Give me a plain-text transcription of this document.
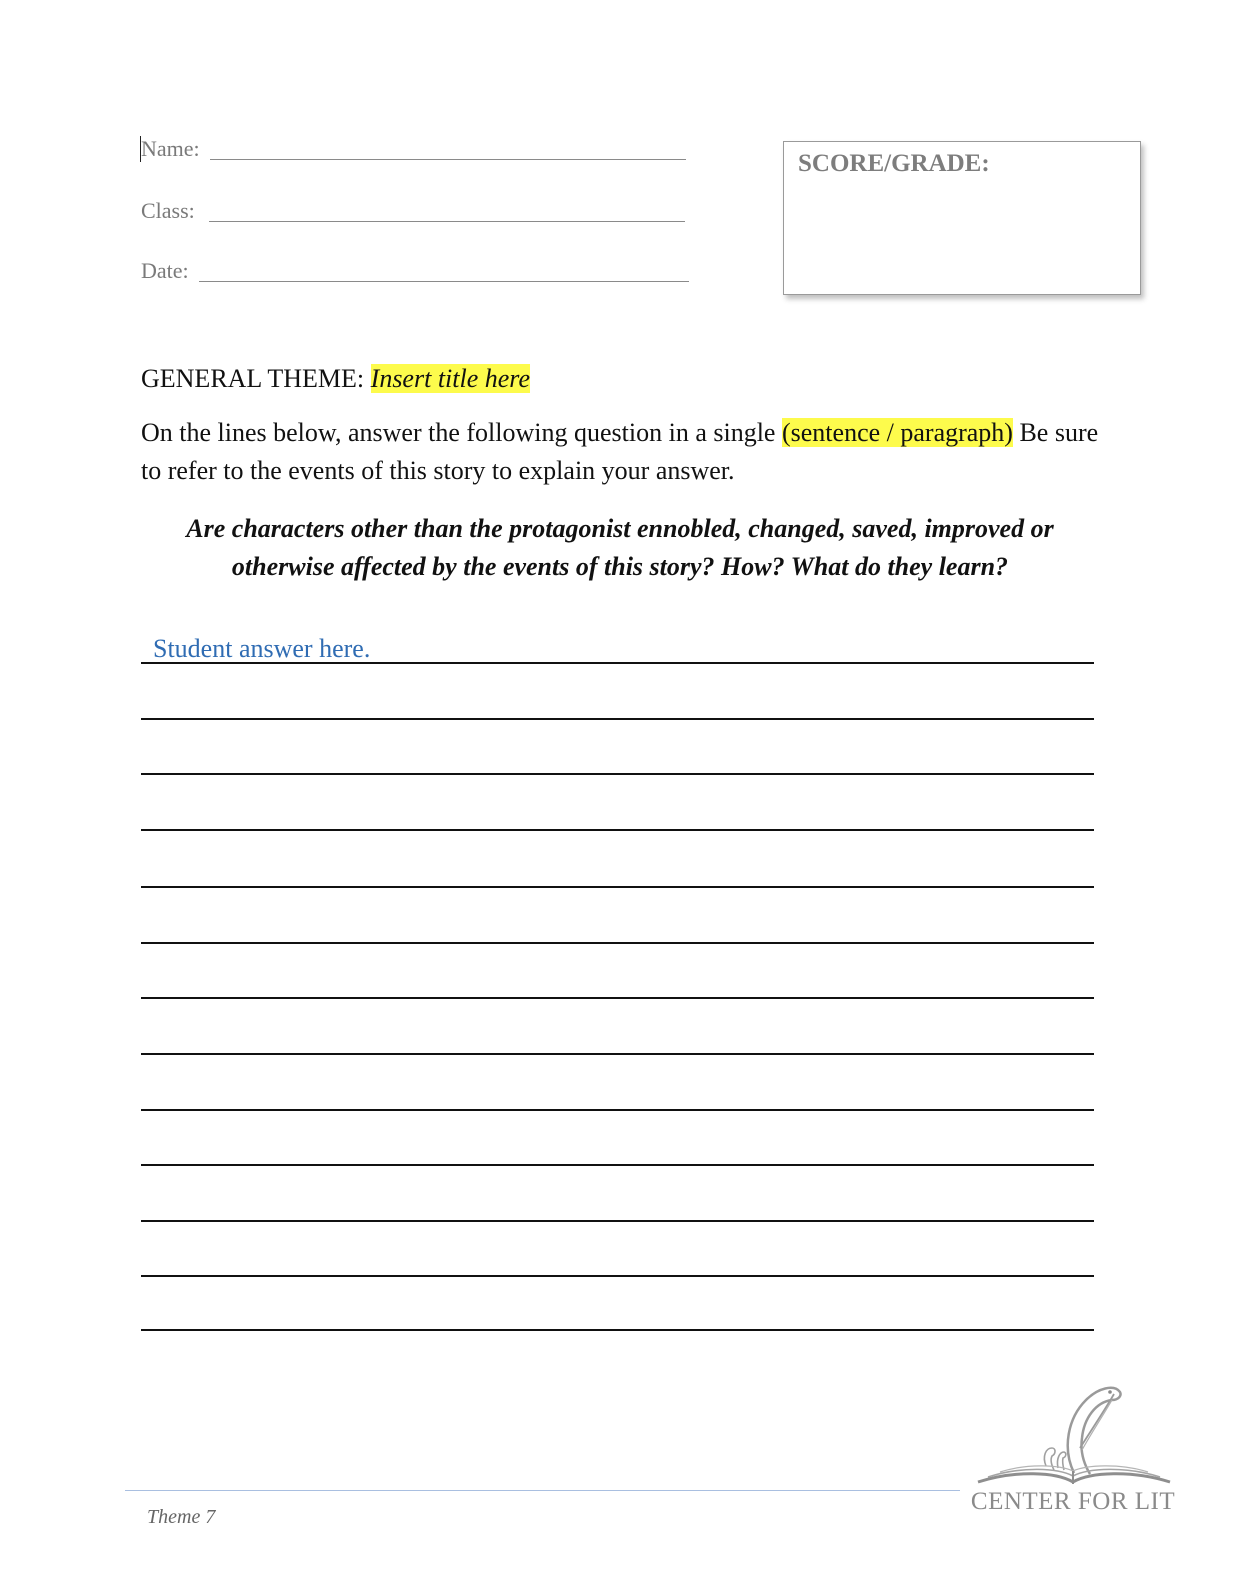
Name:
Class:
Date:
SCORE/GRADE:
GENERAL THEME: Insert title here
On the lines below, answer the following question in a single (sentence / paragraph) Be sure to refer to the events of this story to explain your answer.
Are characters other than the protagonist ennobled, changed, saved, improved or
otherwise affected by the events of this story? How? What do they learn?
Student answer here.
Theme 7
CENTER FOR LIT
